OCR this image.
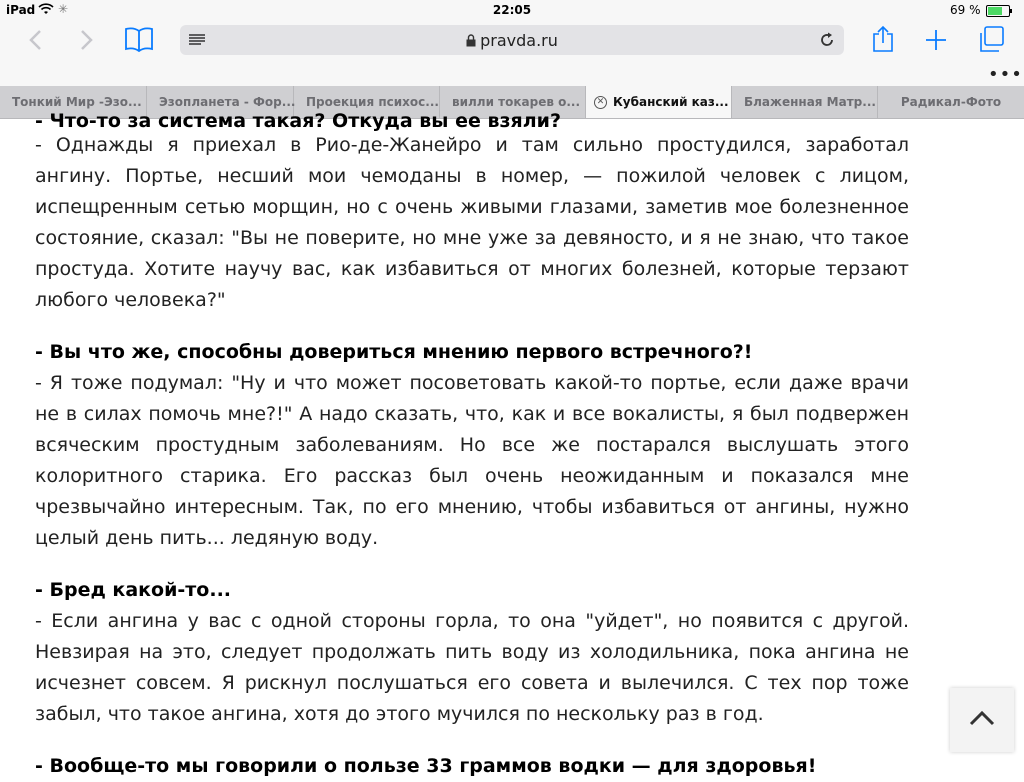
iPad ✳	22:05	69 %
pravda.ru
•••
Тонкий Мир -Эзо...	Эзопланета - Фор... Проекция психос...	вилли токарев о...	✕ Кубанский каз...	Блаженная Матр...	Радикал-Фото
- Что-то за система такая? Откуда вы ее взяли?

- Однажды я приехал в Рио-де-Жанейро и там сильно простудился, заработал ангину. Портье, несший мои чемоданы в номер, — пожилой человек с лицом, испещренным сетью морщин, но с очень живыми глазами, заметив мое болезненное состояние, сказал: "Вы не поверите, но мне уже за девяносто, и я не знаю, что такое простуда. Хотите научу вас, как избавиться от многих болезней, которые терзают любого человека?"

- Вы что же, способны довериться мнению первого встречного?!

- Я тоже подумал: "Ну и что может посоветовать какой-то портье, если даже врачи не в силах помочь мне?!" А надо сказать, что, как и все вокалисты, я был подвержен всяческим простудным заболеваниям. Но все же постарался выслушать этого колоритного старика. Его рассказ был очень неожиданным и показался мне чрезвычайно интересным. Так, по его мнению, чтобы избавиться от ангины, нужно целый день пить... ледяную воду.

- Бред какой-то...

- Если ангина у вас с одной стороны горла, то она "уйдет", но появится с другой. Невзирая на это, следует продолжать пить воду из холодильника, пока ангина не исчезнет совсем. Я рискнул послушаться его совета и вылечился. С тех пор тоже забыл, что такое ангина, хотя до этого мучился по нескольку раз в год.

- Вообще-то мы говорили о пользе 33 граммов водки — для здоровья!
